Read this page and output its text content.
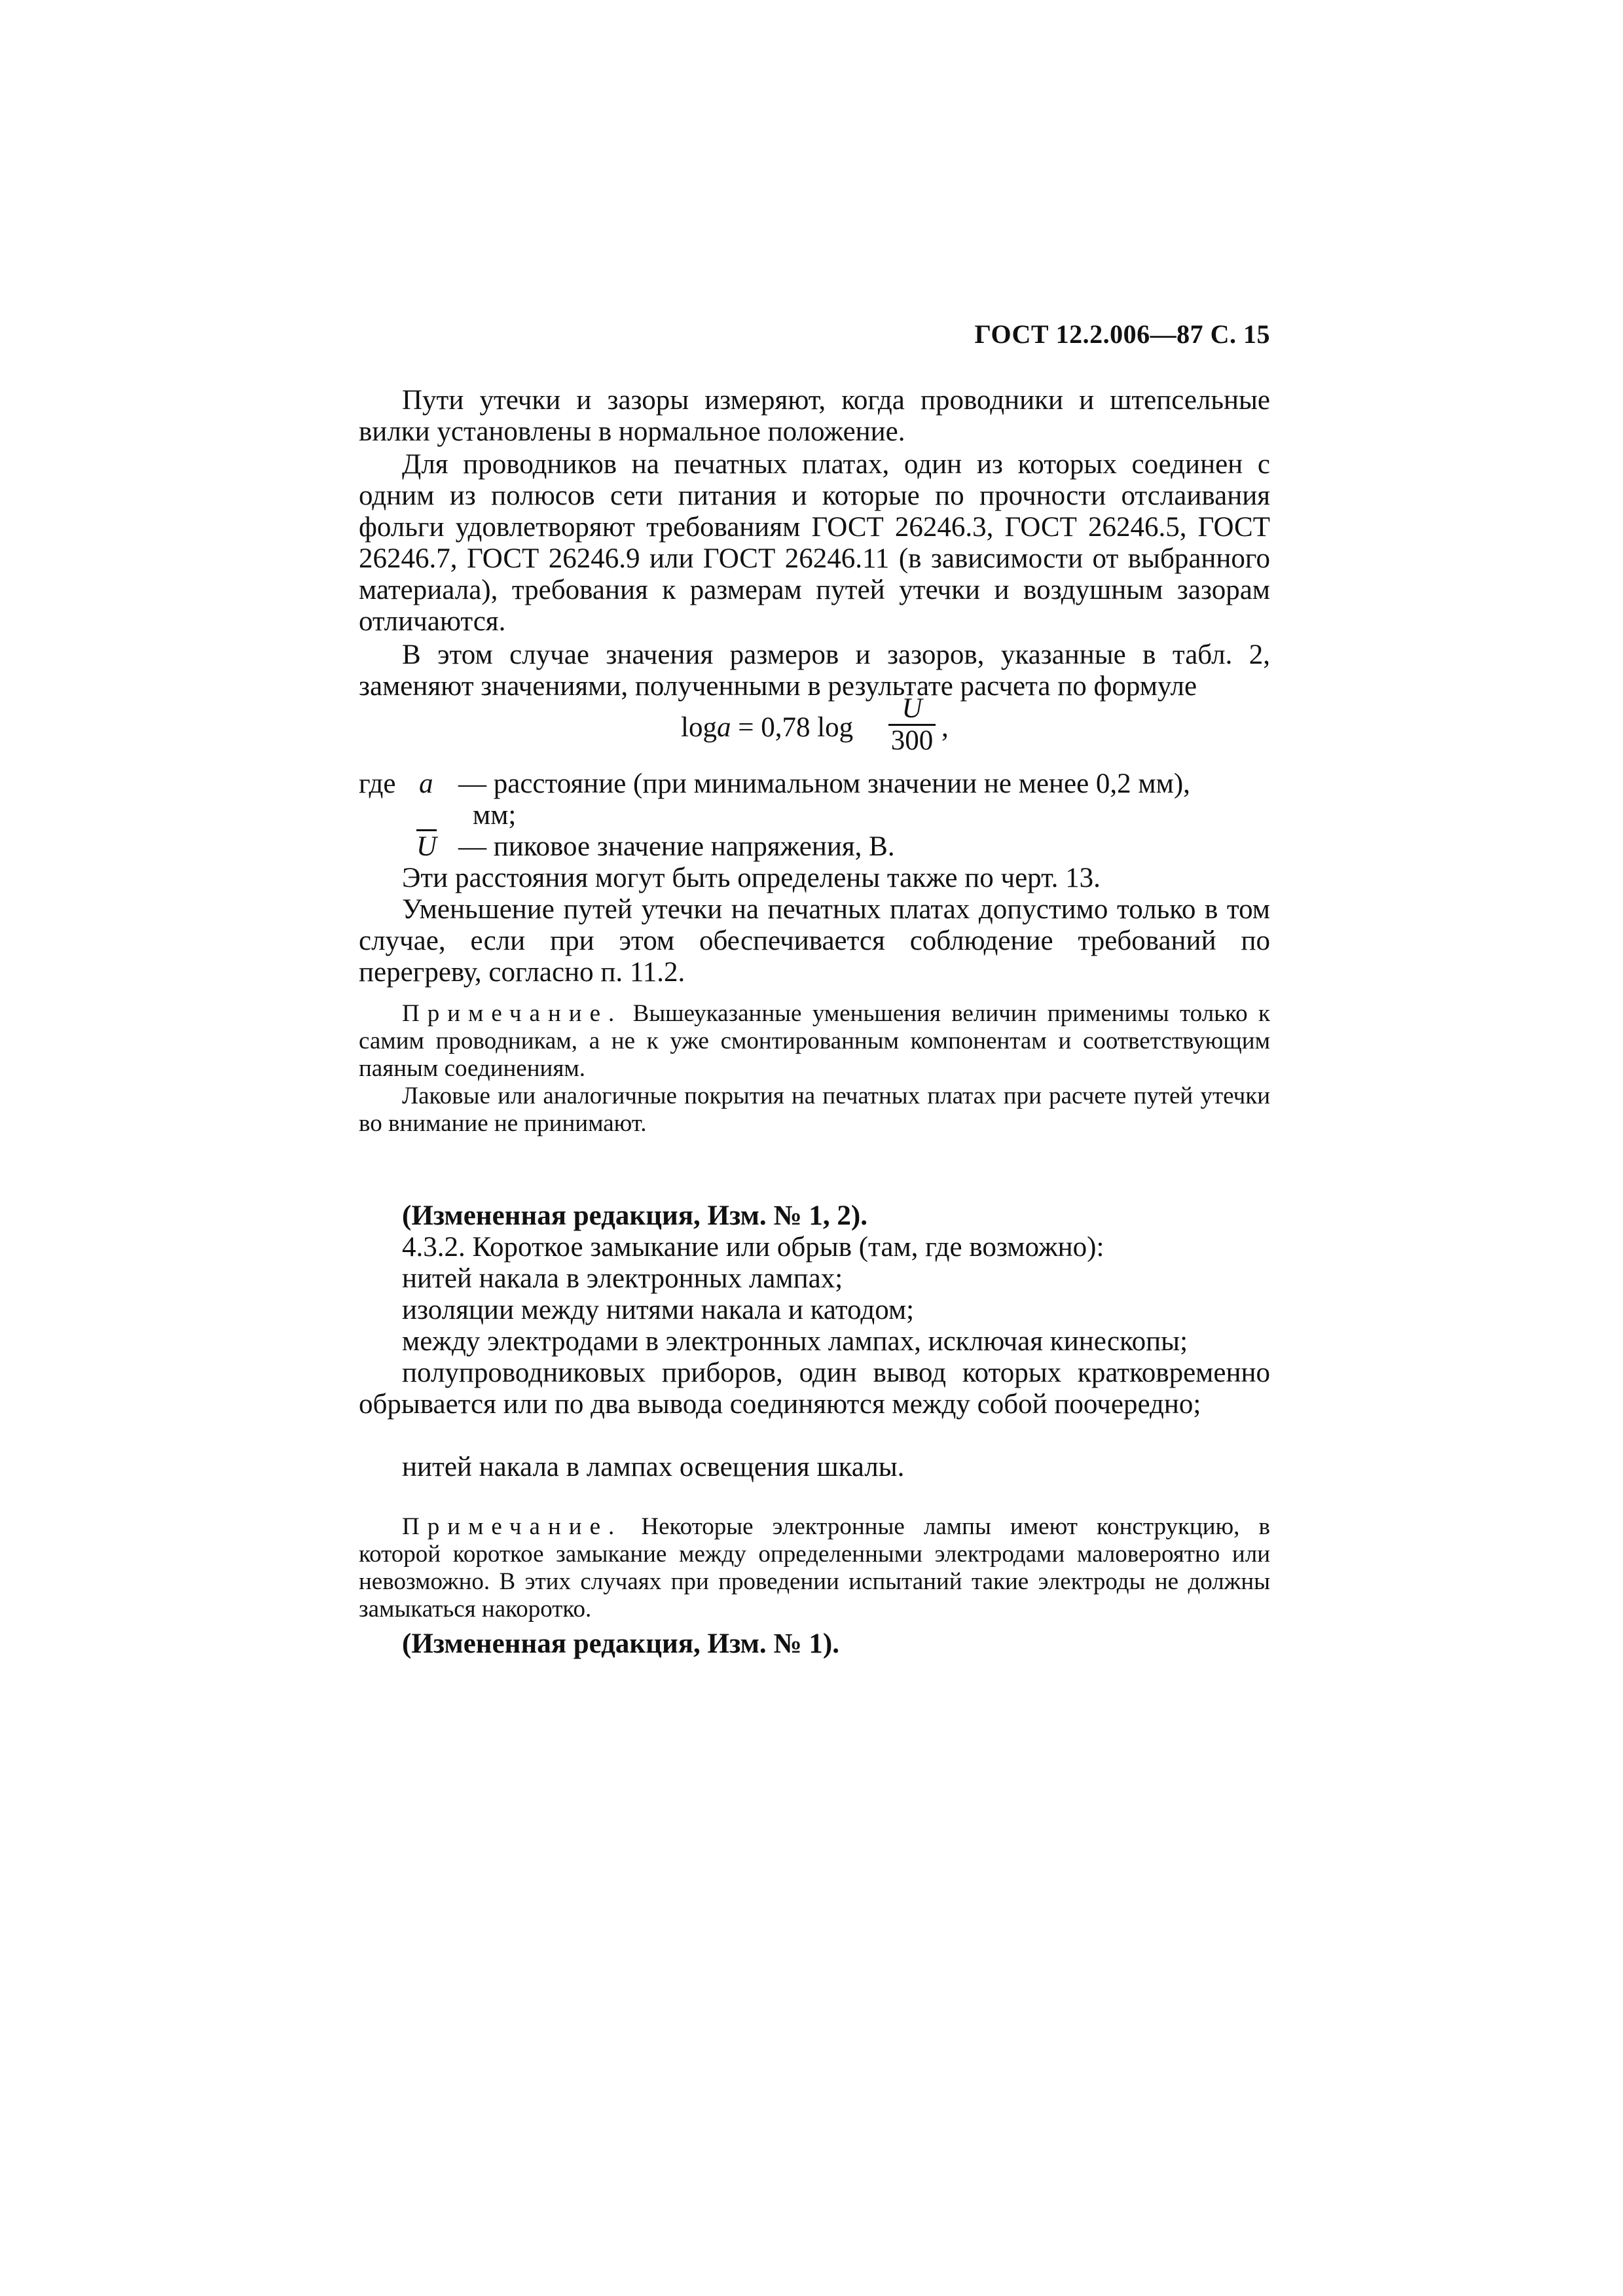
ГОСТ 12.2.006—87 С. 15
Пути утечки и зазоры измеряют, когда проводники и штепсельные вилки установлены в нормальное положение.
Для проводников на печатных платах, один из которых соединен с одним из полюсов сети питания и которые по прочности отслаивания фольги удовлетворяют требованиям ГОСТ 26246.3, ГОСТ 26246.5, ГОСТ 26246.7, ГОСТ 26246.9 или ГОСТ 26246.11 (в зависимости от выбранного материала), требования к размерам путей утечки и воздушным зазорам отличаются.
В этом случае значения размеров и зазоров, указанные в табл. 2, заменяют значениями, полученными в результате расчета по формуле
loga = 0,78 log
U
300 ,
где a — расстояние (при минимальном значении не менее 0,2 мм),
мм;
$\overline{U}$ — пиковое значение напряжения, В.
Эти расстояния могут быть определены также по черт. 13.
Уменьшение путей утечки на печатных платах допустимо только в том случае, если при этом обеспечивается соблюдение требований по перегреву, согласно п. 11.2.
Примечание. Вышеуказанные уменьшения величин применимы только к самим проводникам, а не к уже смонтированным компонентам и соответствующим паяным соединениям.
Лаковые или аналогичные покрытия на печатных платах при расчете путей утечки во внимание не принимают.
(Измененная редакция, Изм. № 1, 2).
4.3.2. Короткое замыкание или обрыв (там, где возможно):
нитей накала в электронных лампах;
изоляции между нитями накала и катодом;
между электродами в электронных лампах, исключая кинескопы;
полупроводниковых приборов, один вывод которых кратковременно обрывается или по два вывода соединяются между собой поочередно;
нитей накала в лампах освещения шкалы.
Примечание. Некоторые электронные лампы имеют конструкцию, в которой короткое замыкание между определенными электродами маловероятно или невозможно. В этих случаях при проведении испытаний такие электроды не должны замыкаться накоротко.
(Измененная редакция, Изм. № 1).
